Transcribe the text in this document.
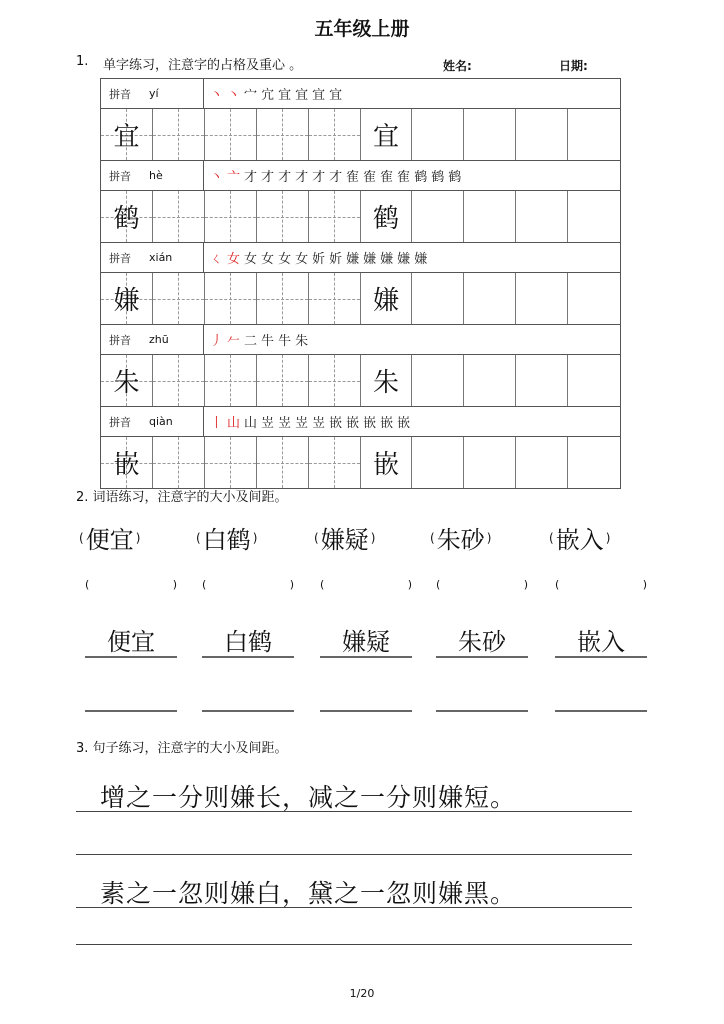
五年级上册
1. 单字练习，注意字的占格及重心 。	姓名:	日期:
拼音 yí	丶 丶 宀 宂 宜 宜 宜 宜
宜	宜
拼音 hè	丶 亠 才 才 才 才 才 才 隺 隺 隺 隺 鹤 鹤 鹤
鹤	鹤
拼音 xián	ㄑ 女 女 女 女 女 妡 妡 嫌 嫌 嫌 嫌 嫌
嫌	嫌
拼音 zhū	丿 𠂉 二 牛 牛 朱
朱	朱
拼音 qiàn	丨 山 山 岦 岦 岦 岦 嵌 嵌 嵌 嵌 嵌
嵌	嵌
2. 词语练习，注意字的大小及间距。
( 便宜 )
(	)
便宜
( 白鹤 )
(	)
白鹤
( 嫌疑 )
(	)
嫌疑
( 朱砂 )
(	)
朱砂
( 嵌入 )
(	)
嵌入
3. 句子练习，注意字的大小及间距。
增之一分则嫌长，减之一分则嫌短。
素之一忽则嫌白，黛之一忽则嫌黑。
1/20
